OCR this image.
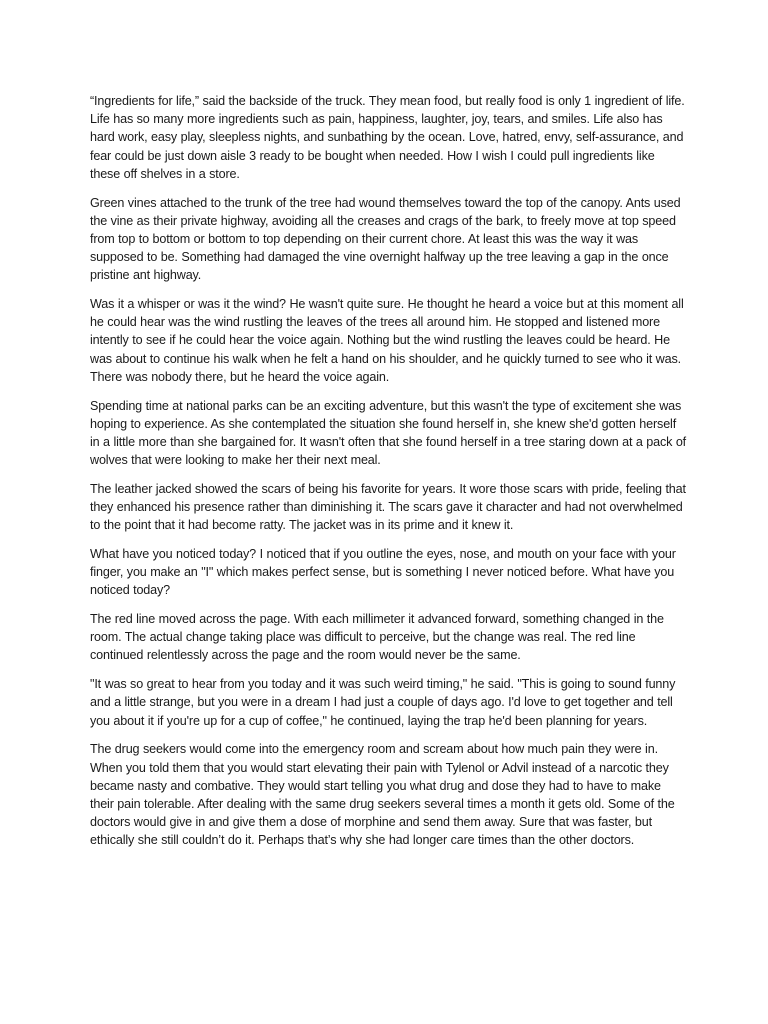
“Ingredients for life,” said the backside of the truck. They mean food, but really food is only 1 ingredient of life. Life has so many more ingredients such as pain, happiness, laughter, joy, tears, and smiles. Life also has hard work, easy play, sleepless nights, and sunbathing by the ocean. Love, hatred, envy, self-assurance, and fear could be just down aisle 3 ready to be bought when needed. How I wish I could pull ingredients like these off shelves in a store.

Green vines attached to the trunk of the tree had wound themselves toward the top of the canopy. Ants used the vine as their private highway, avoiding all the creases and crags of the bark, to freely move at top speed from top to bottom or bottom to top depending on their current chore. At least this was the way it was supposed to be. Something had damaged the vine overnight halfway up the tree leaving a gap in the once pristine ant highway.

Was it a whisper or was it the wind? He wasn't quite sure. He thought he heard a voice but at this moment all he could hear was the wind rustling the leaves of the trees all around him. He stopped and listened more intently to see if he could hear the voice again. Nothing but the wind rustling the leaves could be heard. He was about to continue his walk when he felt a hand on his shoulder, and he quickly turned to see who it was. There was nobody there, but he heard the voice again.

Spending time at national parks can be an exciting adventure, but this wasn't the type of excitement she was hoping to experience. As she contemplated the situation she found herself in, she knew she'd gotten herself in a little more than she bargained for. It wasn't often that she found herself in a tree staring down at a pack of wolves that were looking to make her their next meal.

The leather jacked showed the scars of being his favorite for years. It wore those scars with pride, feeling that they enhanced his presence rather than diminishing it. The scars gave it character and had not overwhelmed to the point that it had become ratty. The jacket was in its prime and it knew it.

What have you noticed today? I noticed that if you outline the eyes, nose, and mouth on your face with your finger, you make an "I" which makes perfect sense, but is something I never noticed before. What have you noticed today?

The red line moved across the page. With each millimeter it advanced forward, something changed in the room. The actual change taking place was difficult to perceive, but the change was real. The red line continued relentlessly across the page and the room would never be the same.

"It was so great to hear from you today and it was such weird timing," he said. "This is going to sound funny and a little strange, but you were in a dream I had just a couple of days ago. I'd love to get together and tell you about it if you're up for a cup of coffee," he continued, laying the trap he'd been planning for years.

The drug seekers would come into the emergency room and scream about how much pain they were in. When you told them that you would start elevating their pain with Tylenol or Advil instead of a narcotic they became nasty and combative. They would start telling you what drug and dose they had to have to make their pain tolerable. After dealing with the same drug seekers several times a month it gets old. Some of the doctors would give in and give them a dose of morphine and send them away. Sure that was faster, but ethically she still couldn’t do it. Perhaps that’s why she had longer care times than the other doctors.
